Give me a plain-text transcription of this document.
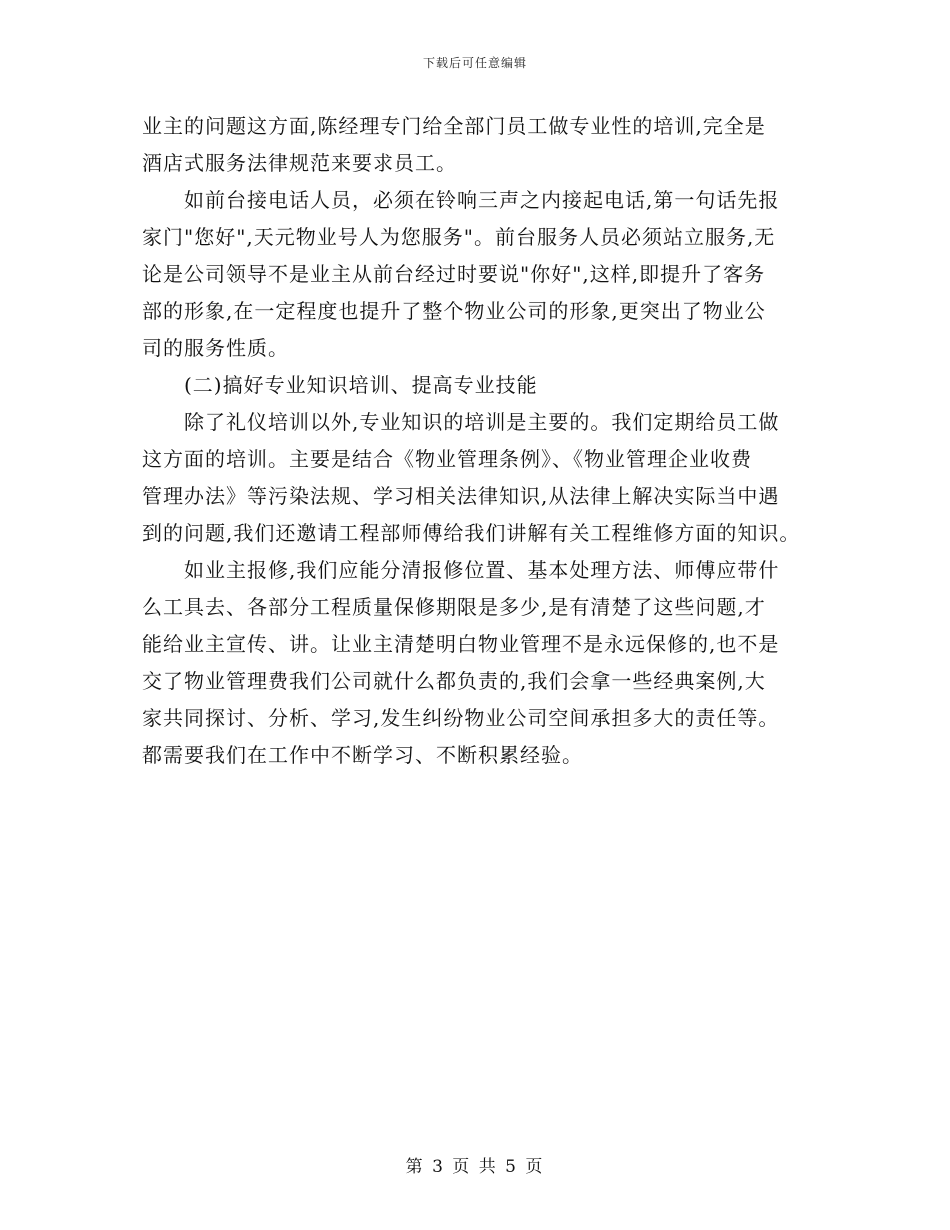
下载后可任意编辑
业主的问题这方面,陈经理专门给全部门员工做专业性的培训,完全是
酒店式服务法律规范来要求员工。
如前台接电话人员，必须在铃响三声之内接起电话,第一句话先报
家门"您好",天元物业号人为您服务"。前台服务人员必须站立服务,无
论是公司领导不是业主从前台经过时要说"你好",这样,即提升了客务
部的形象,在一定程度也提升了整个物业公司的形象,更突出了物业公
司的服务性质。
(二)搞好专业知识培训、提高专业技能
除了礼仪培训以外,专业知识的培训是主要的。我们定期给员工做
这方面的培训。主要是结合《物业管理条例》、《物业管理企业收费
管理办法》等污染法规、学习相关法律知识,从法律上解决实际当中遇
到的问题,我们还邀请工程部师傅给我们讲解有关工程维修方面的知识。
如业主报修,我们应能分清报修位置、基本处理方法、师傅应带什
么工具去、各部分工程质量保修期限是多少,是有清楚了这些问题,才
能给业主宣传、讲。让业主清楚明白物业管理不是永远保修的,也不是
交了物业管理费我们公司就什么都负责的,我们会拿一些经典案例,大
家共同探讨、分析、学习,发生纠纷物业公司空间承担多大的责任等。
都需要我们在工作中不断学习、不断积累经验。
第 3 页 共 5 页
